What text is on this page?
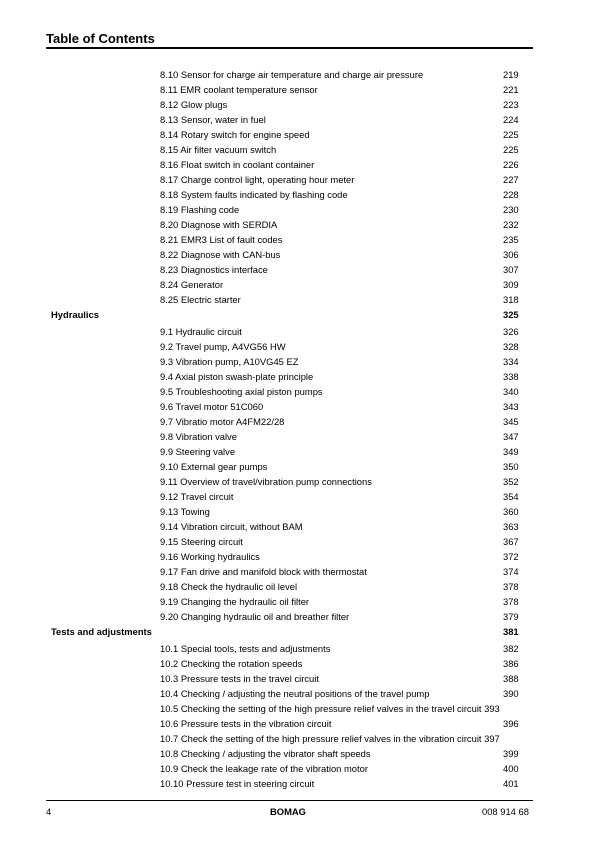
Table of Contents
8.10 Sensor for charge air temperature and charge air pressure	219
8.11 EMR coolant temperature sensor	221
8.12 Glow plugs	223
8.13 Sensor, water in fuel	224
8.14 Rotary switch for engine speed	225
8.15 Air filter vacuum switch	225
8.16 Float switch in coolant container	226
8.17 Charge control light, operating hour meter	227
8.18 System faults indicated by flashing code	228
8.19 Flashing code	230
8.20 Diagnose with SERDIA	232
8.21 EMR3 List of fault codes	235
8.22 Diagnose with CAN-bus	306
8.23 Diagnostics interface	307
8.24 Generator	309
8.25 Electric starter	318
Hydraulics	325
9.1 Hydraulic circuit	326
9.2 Travel pump, A4VG56 HW	328
9.3 Vibration pump, A10VG45 EZ	334
9.4 Axial piston swash-plate principle	338
9.5 Troubleshooting axial piston pumps	340
9.6 Travel motor 51C060	343
9.7 Vibratio motor A4FM22/28	345
9.8 Vibration valve	347
9.9 Steering valve	349
9.10 External gear pumps	350
9.11 Overview of travel/vibration pump connections	352
9.12 Travel circuit	354
9.13 Towing	360
9.14 Vibration circuit, without BAM	363
9.15 Steering circuit	367
9.16 Working hydraulics	372
9.17 Fan drive and manifold block with thermostat	374
9.18 Check the hydraulic oil level	378
9.19 Changing the hydraulic oil filter	378
9.20 Changing hydraulic oil and breather filter	379
Tests and adjustments	381
10.1 Special tools, tests and adjustments	382
10.2 Checking the rotation speeds	386
10.3 Pressure tests in the travel circuit	388
10.4 Checking / adjusting the neutral positions of the travel pump	390
10.5 Checking the setting of the high pressure relief valves in the travel circuit 393
10.6 Pressure tests in the vibration circuit	396
10.7 Check the setting of the high pressure relief valves in the vibration circuit 397
10.8 Checking / adjusting the vibrator shaft speeds	399
10.9 Check the leakage rate of the vibration motor	400
10.10 Pressure test in steering circuit	401
4	BOMAG	008 914 68
